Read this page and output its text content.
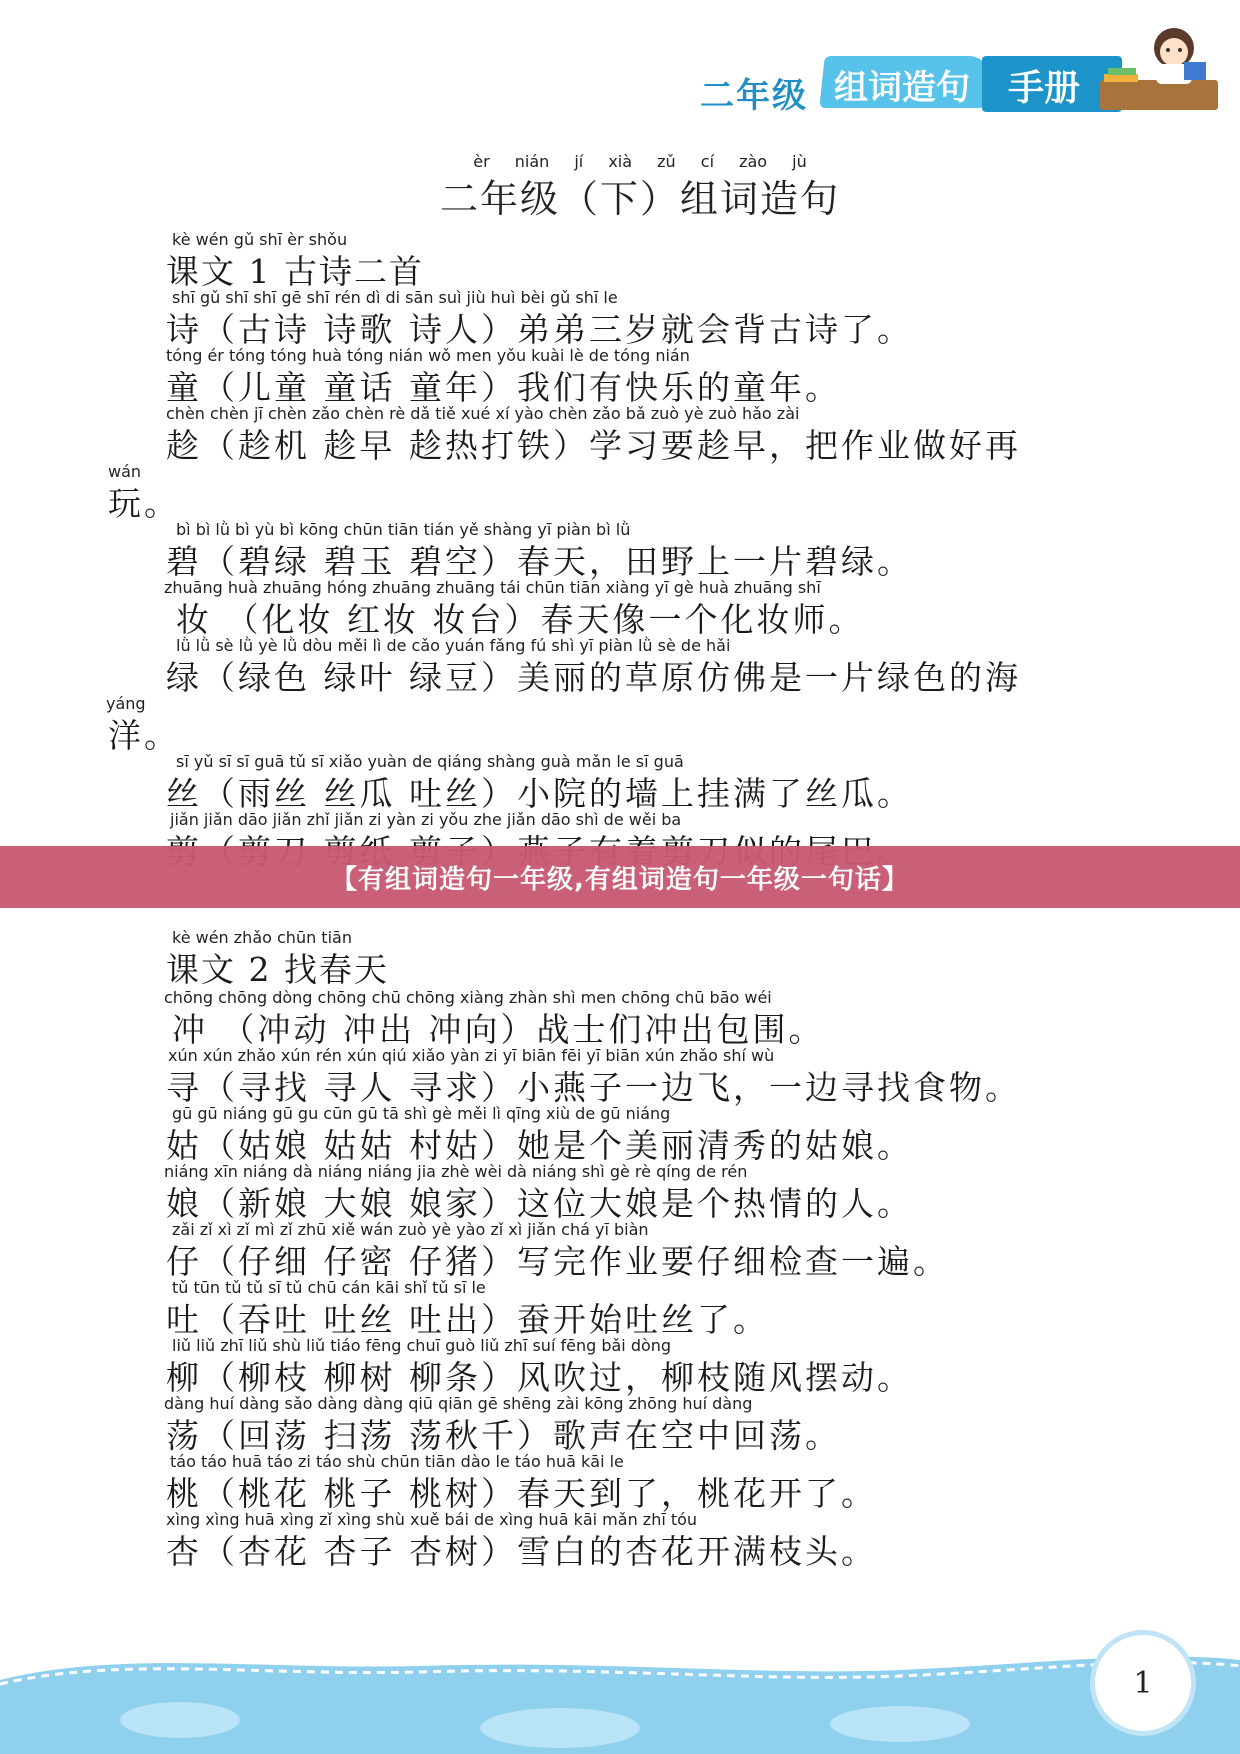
二年级 组词造句 手册
èr nián jí xià zǔ cí zào jù
二年级（下）组词造句
kè wén gǔ shī èr shǒu
课文 1 古诗二首
shī gǔ shī shī gē shī rén dì di sān suì jiù huì bèi gǔ shī le
诗（古诗 诗歌 诗人）弟弟三岁就会背古诗了。
tóng ér tóng tóng huà tóng nián wǒ men yǒu kuài lè de tóng nián
童（儿童 童话 童年）我们有快乐的童年。
chèn chèn jī chèn zǎo chèn rè dǎ tiě xué xí yào chèn zǎo bǎ zuò yè zuò hǎo zài
趁（趁机 趁早 趁热打铁）学习要趁早，把作业做好再
wán
玩。
bì bì lǜ bì yù bì kōng chūn tiān tián yě shàng yī piàn bì lǜ
碧（碧绿 碧玉 碧空）春天，田野上一片碧绿。
zhuāng huà zhuāng hóng zhuāng zhuāng tái chūn tiān xiàng yī gè huà zhuāng shī
妆 （化妆 红妆 妆台）春天像一个化妆师。
lǜ lǜ sè lǜ yè lǜ dòu měi lì de cǎo yuán fǎng fú shì yī piàn lǜ sè de hǎi
绿（绿色 绿叶 绿豆）美丽的草原仿佛是一片绿色的海
yáng
洋。
sī yǔ sī sī guā tǔ sī xiǎo yuàn de qiáng shàng guà mǎn le sī guā
丝（雨丝 丝瓜 吐丝）小院的墙上挂满了丝瓜。
jiǎn jiǎn dāo jiǎn zhǐ jiǎn zi yàn zi yǒu zhe jiǎn dāo shì de wěi ba
【有组词造句一年级,有组词造句一年级一句话】
kè wén zhǎo chūn tiān
课文 2 找春天
chōng chōng dòng chōng chū chōng xiàng zhàn shì men chōng chū bāo wéi
冲 （冲动 冲出 冲向）战士们冲出包围。
xún xún zhǎo xún rén xún qiú xiǎo yàn zi yī biān fēi yī biān xún zhǎo shí wù
寻（寻找 寻人 寻求）小燕子一边飞，一边寻找食物。
gū gū niáng gū gu cūn gū tā shì gè měi lì qīng xiù de gū niáng
姑（姑娘 姑姑 村姑）她是个美丽清秀的姑娘。
niáng xīn niáng dà niáng niáng jia zhè wèi dà niáng shì gè rè qíng de rén
娘（新娘 大娘 娘家）这位大娘是个热情的人。
zǎi zǐ xì zǐ mì zǐ zhū xiě wán zuò yè yào zǐ xì jiǎn chá yī biàn
仔（仔细 仔密 仔猪）写完作业要仔细检查一遍。
tǔ tūn tǔ tǔ sī tǔ chū cán kāi shǐ tǔ sī le
吐（吞吐 吐丝 吐出）蚕开始吐丝了。
liǔ liǔ zhī liǔ shù liǔ tiáo fēng chuī guò liǔ zhī suí fēng bǎi dòng
柳（柳枝 柳树 柳条）风吹过，柳枝随风摆动。
dàng huí dàng sǎo dàng dàng qiū qiān gē shēng zài kōng zhōng huí dàng
荡（回荡 扫荡 荡秋千）歌声在空中回荡。
táo táo huā táo zi táo shù chūn tiān dào le táo huā kāi le
桃（桃花 桃子 桃树）春天到了，桃花开了。
xìng xìng huā xìng zǐ xìng shù xuě bái de xìng huā kāi mǎn zhī tóu
杏（杏花 杏子 杏树）雪白的杏花开满枝头。
1
